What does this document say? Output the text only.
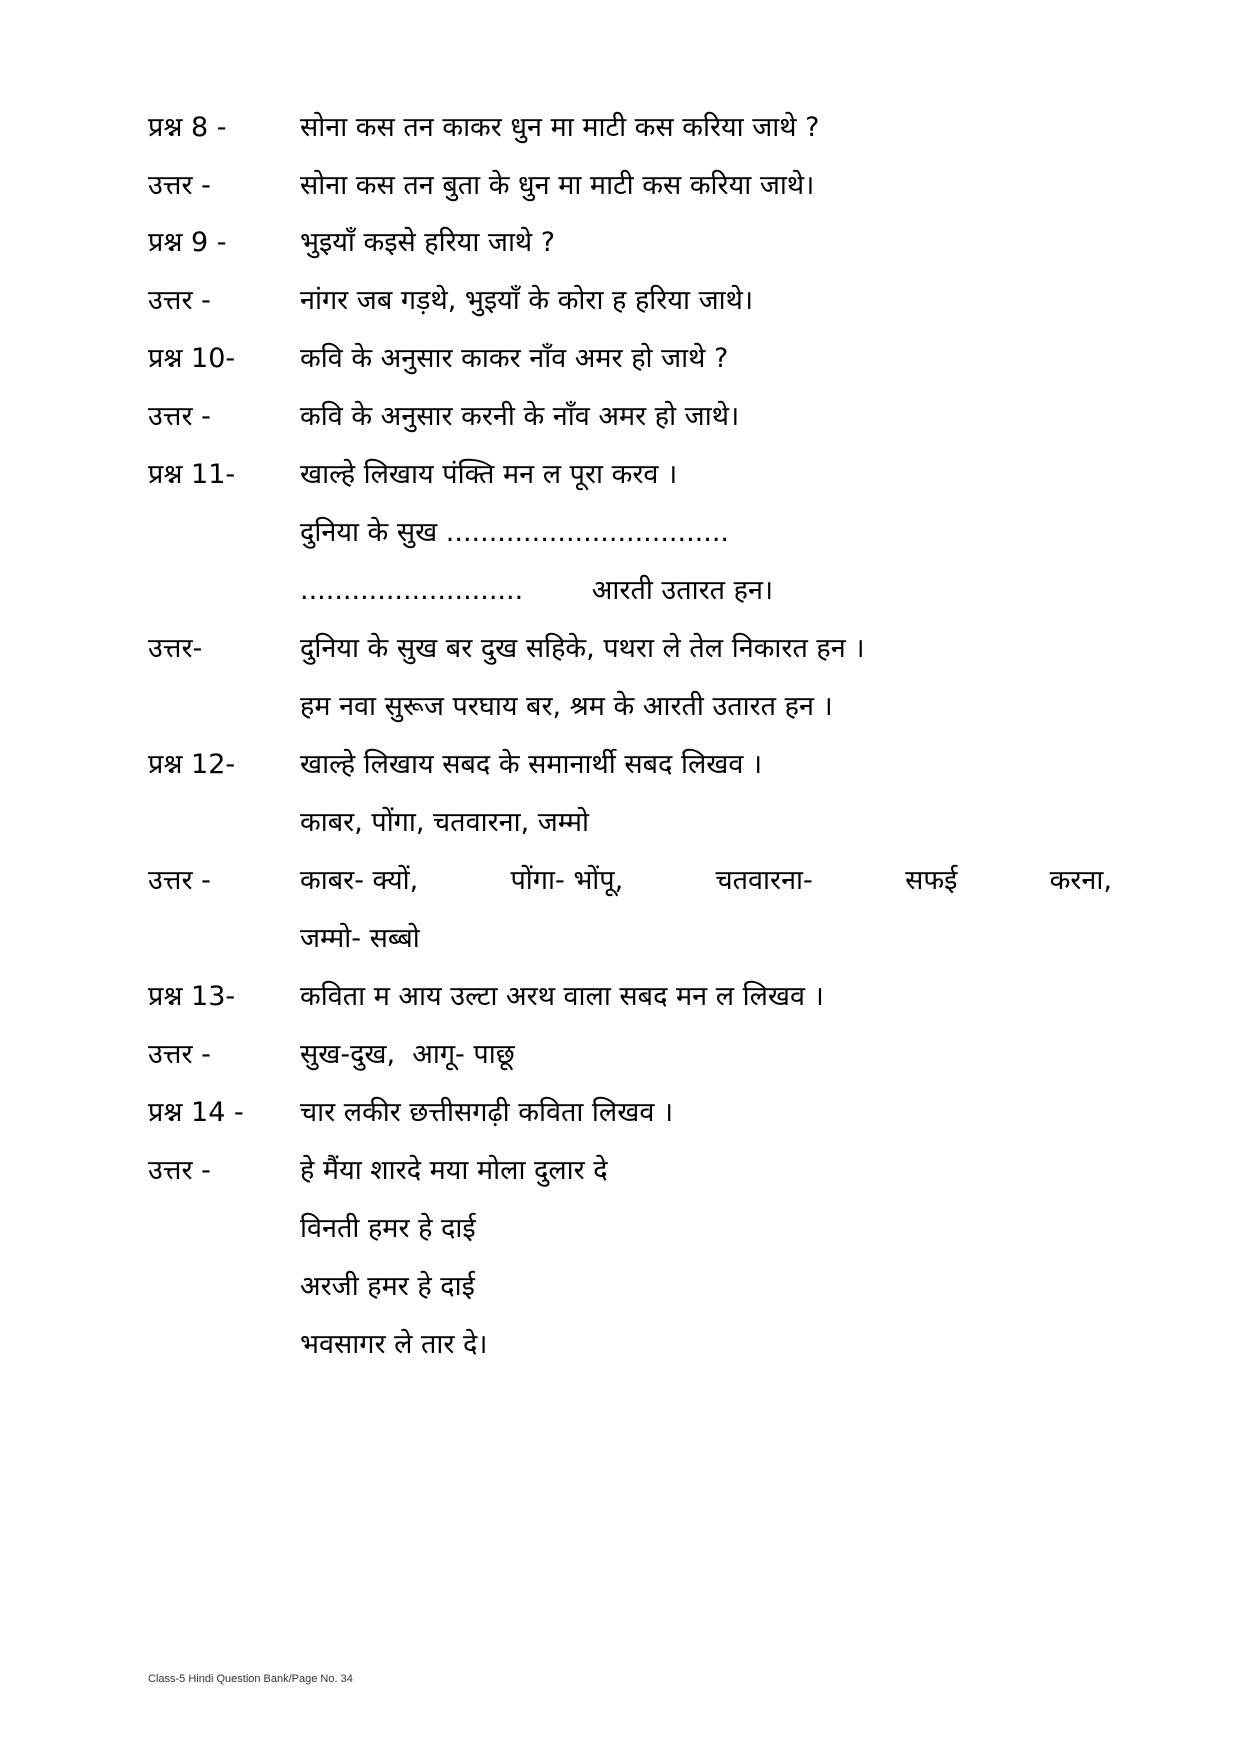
प्रश्न 8 -	सोना कस तन काकर धुन मा माटी कस करिया जाथे ?
उत्तर -	सोना कस तन बुता के धुन मा माटी कस करिया जाथे।
प्रश्न 9 -	भुइयाँ कइसे हरिया जाथे ?
उत्तर -	नांगर जब गड़थे, भुइयाँ के कोरा ह हरिया जाथे।
प्रश्न 10- कवि के अनुसार काकर नाँव अमर हो जाथे ?
उत्तर -	कवि के अनुसार करनी के नाँव अमर हो जाथे।
प्रश्न 11- खाल्हे लिखाय पंक्ति मन ल पूरा करव ।
दुनिया के सुख .................................
..........................        आरती उतारत हन।
उत्तर-	दुनिया के सुख बर दुख सहिके, पथरा ले तेल निकारत हन ।
हम नवा सुरूज परघाय बर, श्रम के आरती उतारत हन ।
प्रश्न 12- खाल्हे लिखाय सबद के समानार्थी सबद लिखव ।
काबर, पोंगा, चतवारना, जम्मो
उत्तर -	काबर- क्यों,	पोंगा- भोंपू,	चतवारना-	सफई	करना,
जम्मो- सब्बो
प्रश्न 13- कविता म आय उल्टा अरथ वाला सबद मन ल लिखव ।
उत्तर -	सुख-दुख,  आगू- पाछू
प्रश्न 14 - चार लकीर छत्तीसगढ़ी कविता लिखव ।
उत्तर -	हे मैंया शारदे मया मोला दुलार दे
विनती हमर हे दाई
अरजी हमर हे दाई
भवसागर ले तार दे।
Class-5 Hindi Question Bank/Page No. 34
